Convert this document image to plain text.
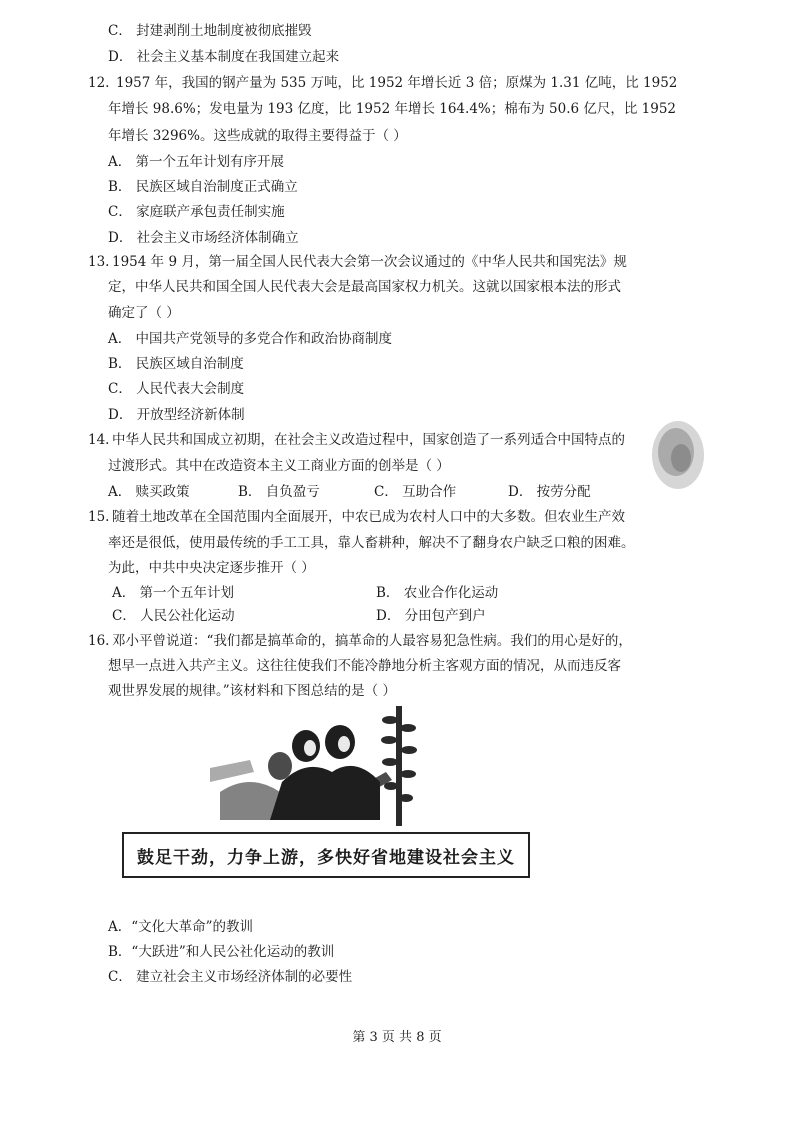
C． 封建剥削土地制度被彻底摧毁
D． 社会主义基本制度在我国建立起来
12. 1957 年，我国的钢产量为 535 万吨，比 1952 年增长近 3 倍；原煤为 1.31 亿吨，比 1952
年增长 98.6%；发电量为 193 亿度，比 1952 年增长 164.4%；棉布为 50.6 亿尺，比 1952
年增长 3296%。这些成就的取得主要得益于（ ）
A． 第一个五年计划有序开展
B． 民族区域自治制度正式确立
C． 家庭联产承包责任制实施
D． 社会主义市场经济体制确立
13. 1954 年 9 月，第一届全国人民代表大会第一次会议通过的《中华人民共和国宪法》规
定，中华人民共和国全国人民代表大会是最高国家权力机关。这就以国家根本法的形式
确定了（ ）
A． 中国共产党领导的多党合作和政治协商制度
B． 民族区域自治制度
C． 人民代表大会制度
D． 开放型经济新体制
14. 中华人民共和国成立初期，在社会主义改造过程中，国家创造了一系列适合中国特点的
过渡形式。其中在改造资本主义工商业方面的创举是（ ）
A． 赎买政策	B． 自负盈亏	C． 互助合作	D． 按劳分配
15. 随着土地改革在全国范围内全面展开，中农已成为农村人口中的大多数。但农业生产效
率还是很低，使用最传统的手工工具，靠人畜耕种，解决不了翻身农户缺乏口粮的困难。
为此，中共中央决定逐步推开（ ）
A． 第一个五年计划	B． 农业合作化运动
C． 人民公社化运动	D． 分田包产到户
16. 邓小平曾说道：“我们都是搞革命的，搞革命的人最容易犯急性病。我们的用心是好的，
想早一点进入共产主义。这往往使我们不能冷静地分析主客观方面的情况，从而违反客
观世界发展的规律。”该材料和下图总结的是（ ）
鼓足干劲，力争上游，多快好省地建设社会主义
A．“文化大革命”的教训
B．“大跃进”和人民公社化运动的教训
C． 建立社会主义市场经济体制的必要性
第 3 页 共 8 页
